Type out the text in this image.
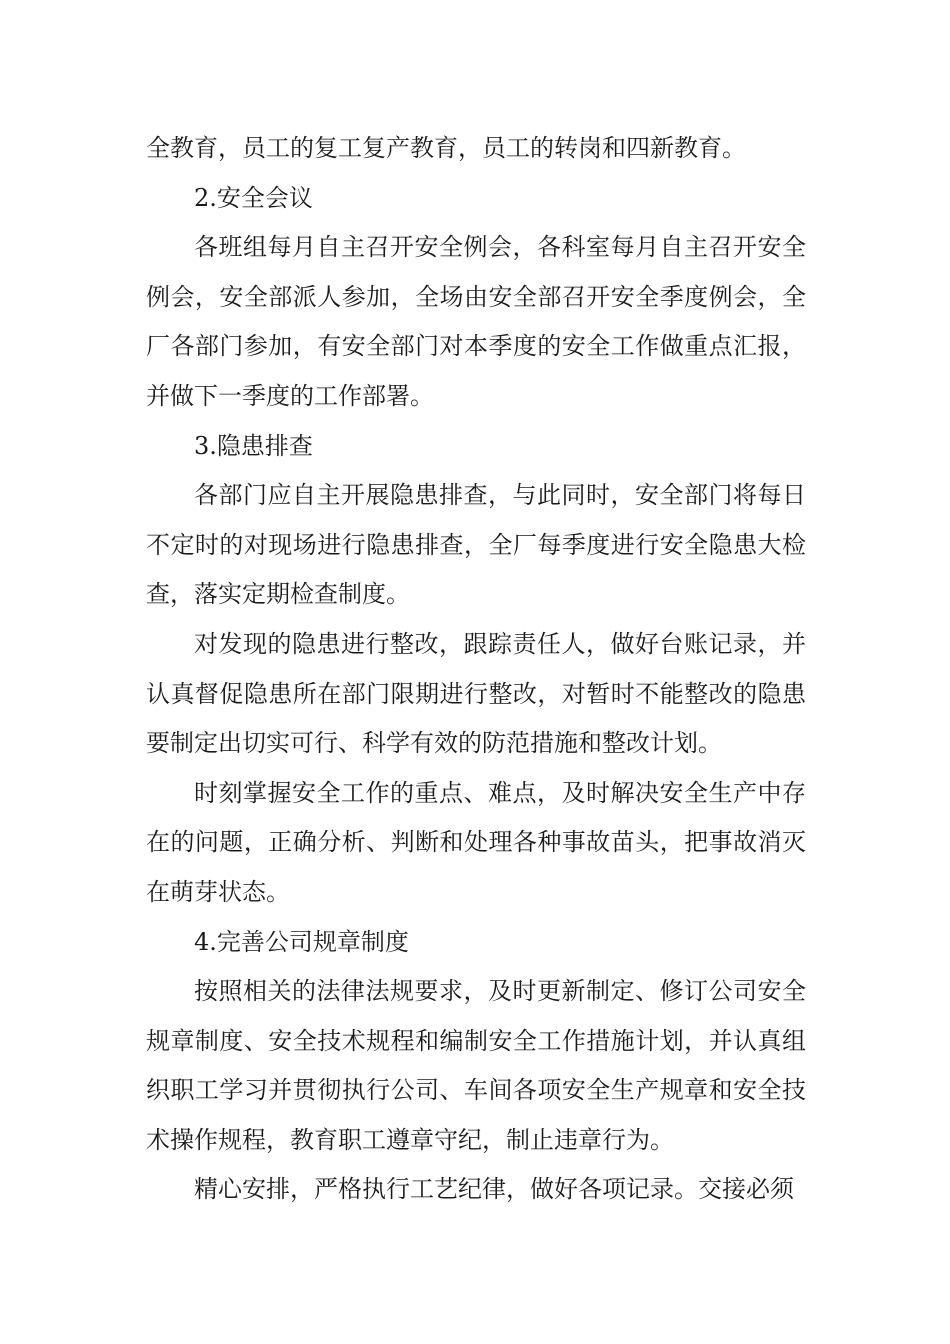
全教育，员工的复工复产教育，员工的转岗和四新教育。

2.安全会议

各班组每月自主召开安全例会，各科室每月自主召开安全例会，安全部派人参加，全场由安全部召开安全季度例会，全厂各部门参加，有安全部门对本季度的安全工作做重点汇报，并做下一季度的工作部署。

3.隐患排查

各部门应自主开展隐患排查，与此同时，安全部门将每日不定时的对现场进行隐患排查，全厂每季度进行安全隐患大检查，落实定期检查制度。

对发现的隐患进行整改，跟踪责任人，做好台账记录，并认真督促隐患所在部门限期进行整改，对暂时不能整改的隐患要制定出切实可行、科学有效的防范措施和整改计划。

时刻掌握安全工作的重点、难点，及时解决安全生产中存在的问题，正确分析、判断和处理各种事故苗头，把事故消灭在萌芽状态。

4.完善公司规章制度

按照相关的法律法规要求，及时更新制定、修订公司安全规章制度、安全技术规程和编制安全工作措施计划，并认真组织职工学习并贯彻执行公司、车间各项安全生产规章和安全技术操作规程，教育职工遵章守纪，制止违章行为。

精心安排，严格执行工艺纪律，做好各项记录。交接必须
